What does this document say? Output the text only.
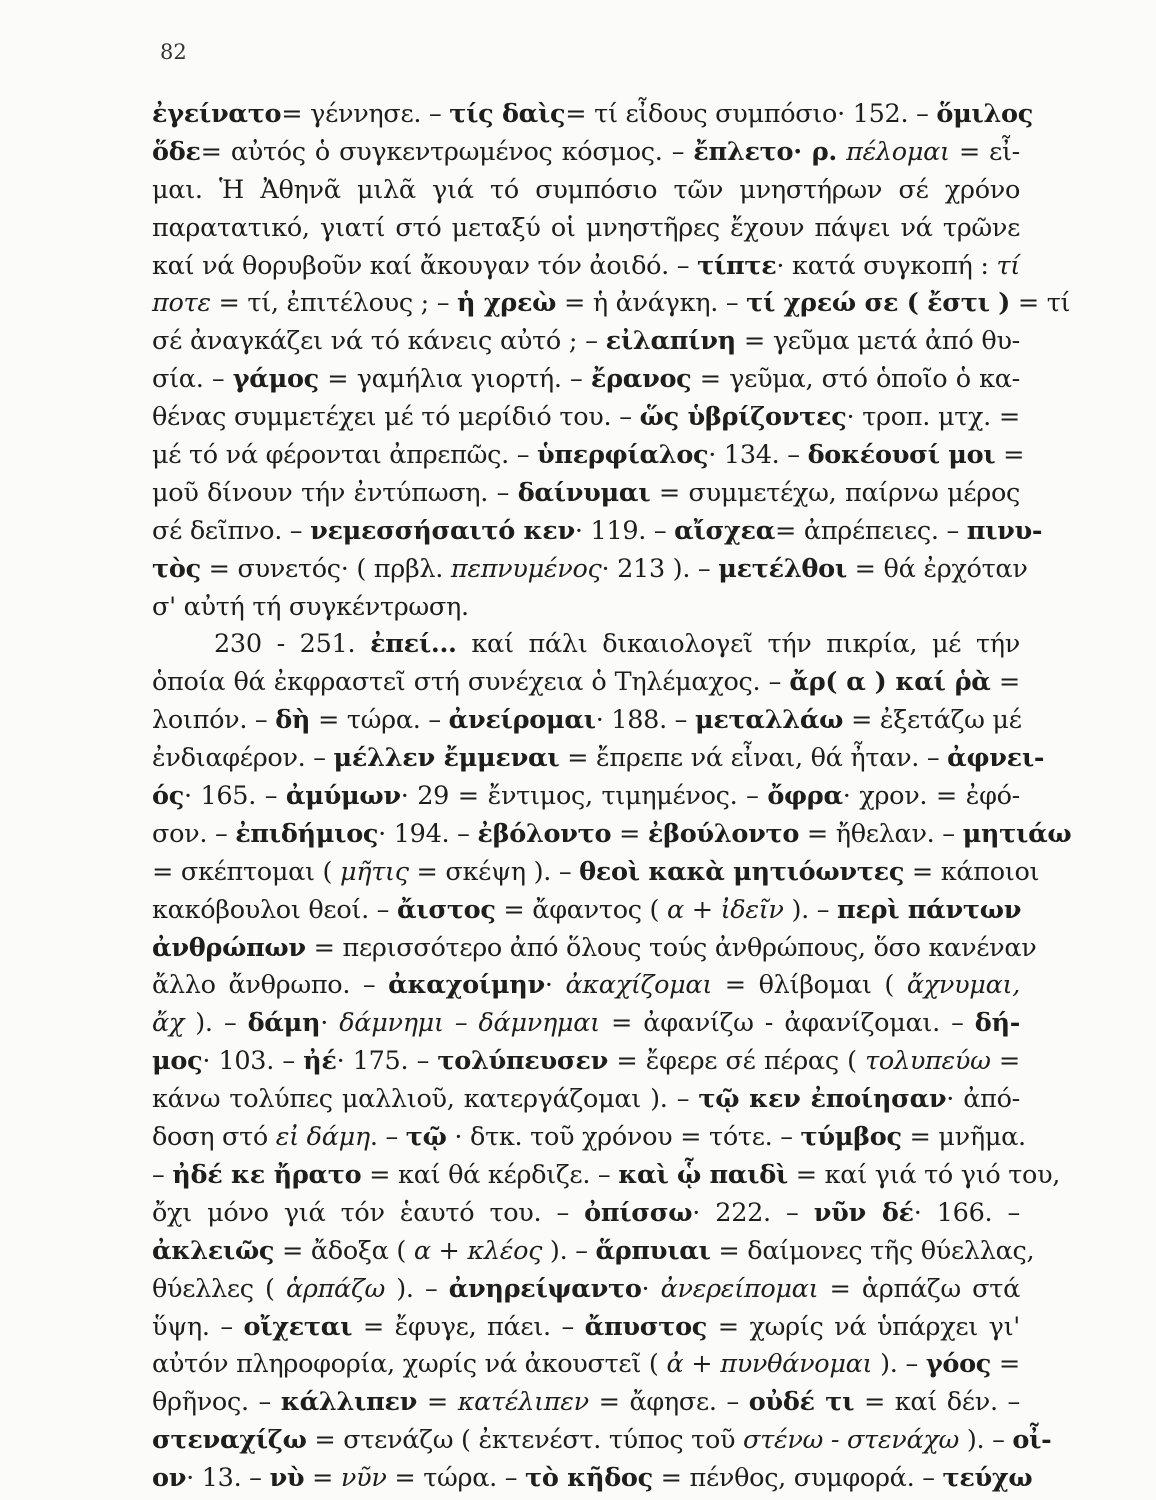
82
ἐγείνατο= γέννησε. – τίς δαὶς= τί εἶδους συμπόσιο· 152. – ὅμιλος
ὅδε= αὐτός ὁ συγκεντρωμένος κόσμος. – ἔπλετο· ρ. πέλομαι = εἶ-
μαι. Ἡ Ἀθηνᾶ μιλᾶ γιά τό συμπόσιο τῶν μνηστήρων σέ χρόνο
παρατατικό, γιατί στό μεταξύ οἱ μνηστῆρες ἔχουν πάψει νά τρῶνε
καί νά θορυβοῦν καί ἄκουγαν τόν ἀοιδό. – τίπτε· κατά συγκοπή : τί
ποτε = τί, ἐπιτέλους ; – ἡ χρεὼ = ἡ ἀνάγκη. – τί χρεώ σε ( ἔστι ) = τί
σέ ἀναγκάζει νά τό κάνεις αὐτό ; – εἰλαπίνη = γεῦμα μετά ἀπό θυ-
σία. – γάμος = γαμήλια γιορτή. – ἔρανος = γεῦμα, στό ὁποῖο ὁ κα-
θένας συμμετέχει μέ τό μερίδιό του. – ὥς ὑβρίζοντες· τροπ. μτχ. =
μέ τό νά φέρονται ἀπρεπῶς. – ὑπερφίαλος· 134. – δοκέουσί μοι =
μοῦ δίνουν τήν ἐντύπωση. – δαίνυμαι = συμμετέχω, παίρνω μέρος
σέ δεῖπνο. – νεμεσσήσαιτό κεν· 119. – αἴσχεα= ἀπρέπειες. – πινυ-
τὸς = συνετός· ( πρβλ. πεπνυμένος· 213 ). – μετέλθοι = θά ἐρχόταν
σ' αὐτή τή συγκέντρωση.
230 - 251. ἐπεί... καί πάλι δικαιολογεῖ τήν πικρία, μέ τήν
ὁποία θά ἐκφραστεῖ στή συνέχεια ὁ Τηλέμαχος. – ἄρ( α ) καί ῥὰ =
λοιπόν. – δὴ = τώρα. – ἀνείρομαι· 188. – μεταλλάω = ἐξετάζω μέ
ἐνδιαφέρον. – μέλλεν ἔμμεναι = ἔπρεπε νά εἶναι, θά ἦταν. – ἀφνει-
ός· 165. – ἀμύμων· 29 = ἔντιμος, τιμημένος. – ὄφρα· χρον. = ἐφό-
σον. – ἐπιδήμιος· 194. – ἐβόλοντο = ἐβούλοντο = ἤθελαν. – μητιάω
= σκέπτομαι ( μῆτις = σκέψη ). – θεοὶ κακὰ μητιόωντες = κάποιοι
κακόβουλοι θεοί. – ἄιστος = ἄφαντος ( α + ἰδεῖν ). – περὶ πάντων
ἀνθρώπων = περισσότερο ἀπό ὅλους τούς ἀνθρώπους, ὅσο κανέναν
ἄλλο ἄνθρωπο. – ἀκαχοίμην· ἀκαχίζομαι = θλίβομαι ( ἄχνυμαι,
ἄχ ). – δάμη· δάμνημι – δάμνημαι = ἀφανίζω - ἀφανίζομαι. – δή-
μος· 103. – ἠέ· 175. – τολύπευσεν = ἔφερε σέ πέρας ( τολυπεύω =
κάνω τολύπες μαλλιοῦ, κατεργάζομαι ). – τῷ κεν ἐποίησαν· ἀπό-
δοση στό εἰ δάμη. – τῷ · δτκ. τοῦ χρόνου = τότε. – τύμβος = μνῆμα.
– ἠδέ κε ἤρατο = καί θά κέρδιζε. – καὶ ᾧ παιδὶ = καί γιά τό γιό του,
ὄχι μόνο γιά τόν ἑαυτό του. – ὀπίσσω· 222. – νῦν δέ· 166. –
ἀκλειῶς = ἄδοξα ( α + κλέος ). – ἅρπυιαι = δαίμονες τῆς θύελλας,
θύελλες ( ἁρπάζω ). – ἀνηρείψαντο· ἀνερείπομαι = ἁρπάζω στά
ὕψη. – οἴχεται = ἔφυγε, πάει. – ἄπυστος = χωρίς νά ὑπάρχει γι'
αὐτόν πληροφορία, χωρίς νά ἀκουστεῖ ( ἀ + πυνθάνομαι ). – γόος =
θρῆνος. – κάλλιπεν = κατέλιπεν = ἄφησε. – οὐδέ τι = καί δέν. –
στεναχίζω = στενάζω ( ἐκτενέστ. τύπος τοῦ στένω - στενάχω ). – οἶ-
ον· 13. – νὺ = νῦν = τώρα. – τὸ κῆδος = πένθος, συμφορά. – τεύχω
